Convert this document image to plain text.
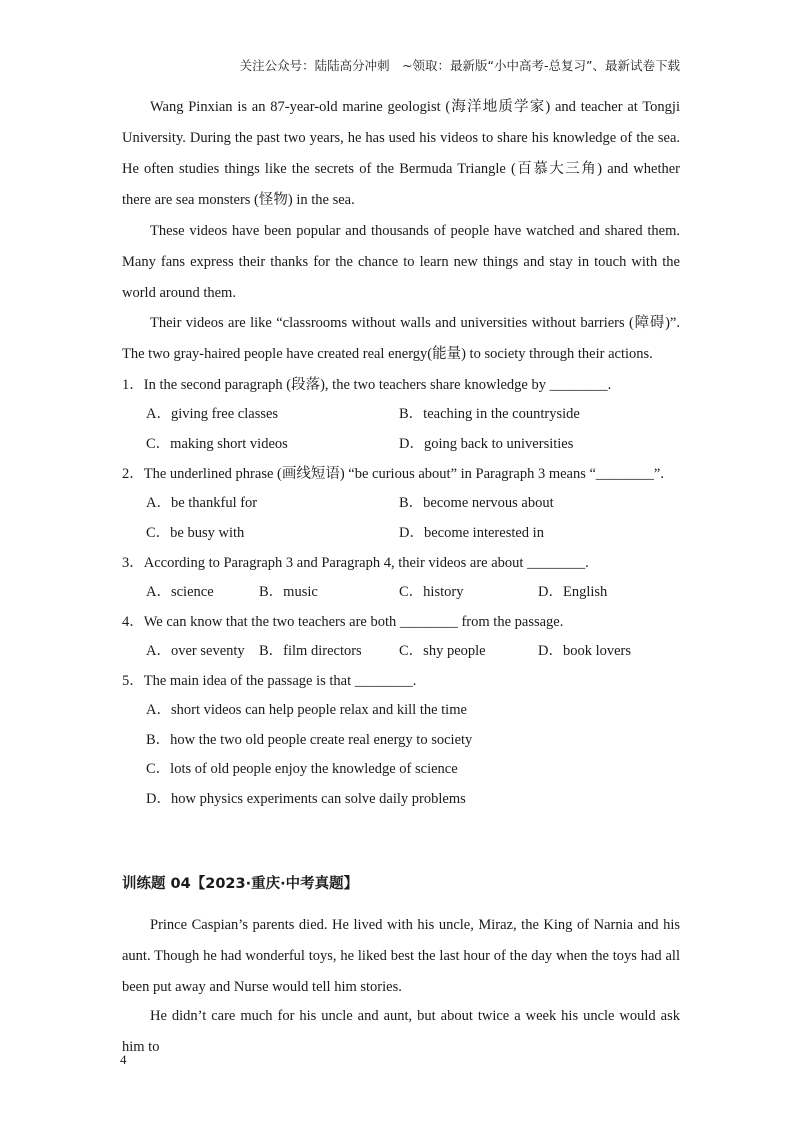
关注公众号：陆陆高分冲刺　~领取：最新版“小中高考-总复习”、最新试卷下载

Wang Pinxian is an 87-year-old marine geologist (海洋地质学家) and teacher at Tongji University. During the past two years, he has used his videos to share his knowledge of the sea. He often studies things like the secrets of the Bermuda Triangle (百慕大三角) and whether there are sea monsters (怪物) in the sea.

These videos have been popular and thousands of people have watched and shared them. Many fans express their thanks for the chance to learn new things and stay in touch with the world around them.

Their videos are like “classrooms without walls and universities without barriers (障碍)”. The two gray-haired people have created real energy(能量) to society through their actions.

1．In the second paragraph (段落), the two teachers share knowledge by ________.
A．giving free classes	B．teaching in the countryside
C．making short videos	D．going back to universities
2．The underlined phrase (画线短语) “be curious about” in Paragraph 3 means “________”.
A．be thankful for	B．become nervous about
C．be busy with	D．become interested in
3．According to Paragraph 3 and Paragraph 4, their videos are about ________.
A．science	B．music	C．history	D．English
4．We can know that the two teachers are both ________ from the passage.
A．over seventy B．film directors	C．shy people	D．book lovers
5．The main idea of the passage is that ________.
A．short videos can help people relax and kill the time
B．how the two old people create real energy to society
C．lots of old people enjoy the knowledge of science
D．how physics experiments can solve daily problems
训练题 04【2023·重庆·中考真题】

Prince Caspian’s parents died. He lived with his uncle, Miraz, the King of Narnia and his aunt. Though he had wonderful toys, he liked best the last hour of the day when the toys had all been put away and Nurse would tell him stories.

He didn’t care much for his uncle and aunt, but about twice a week his uncle would ask him to

4
